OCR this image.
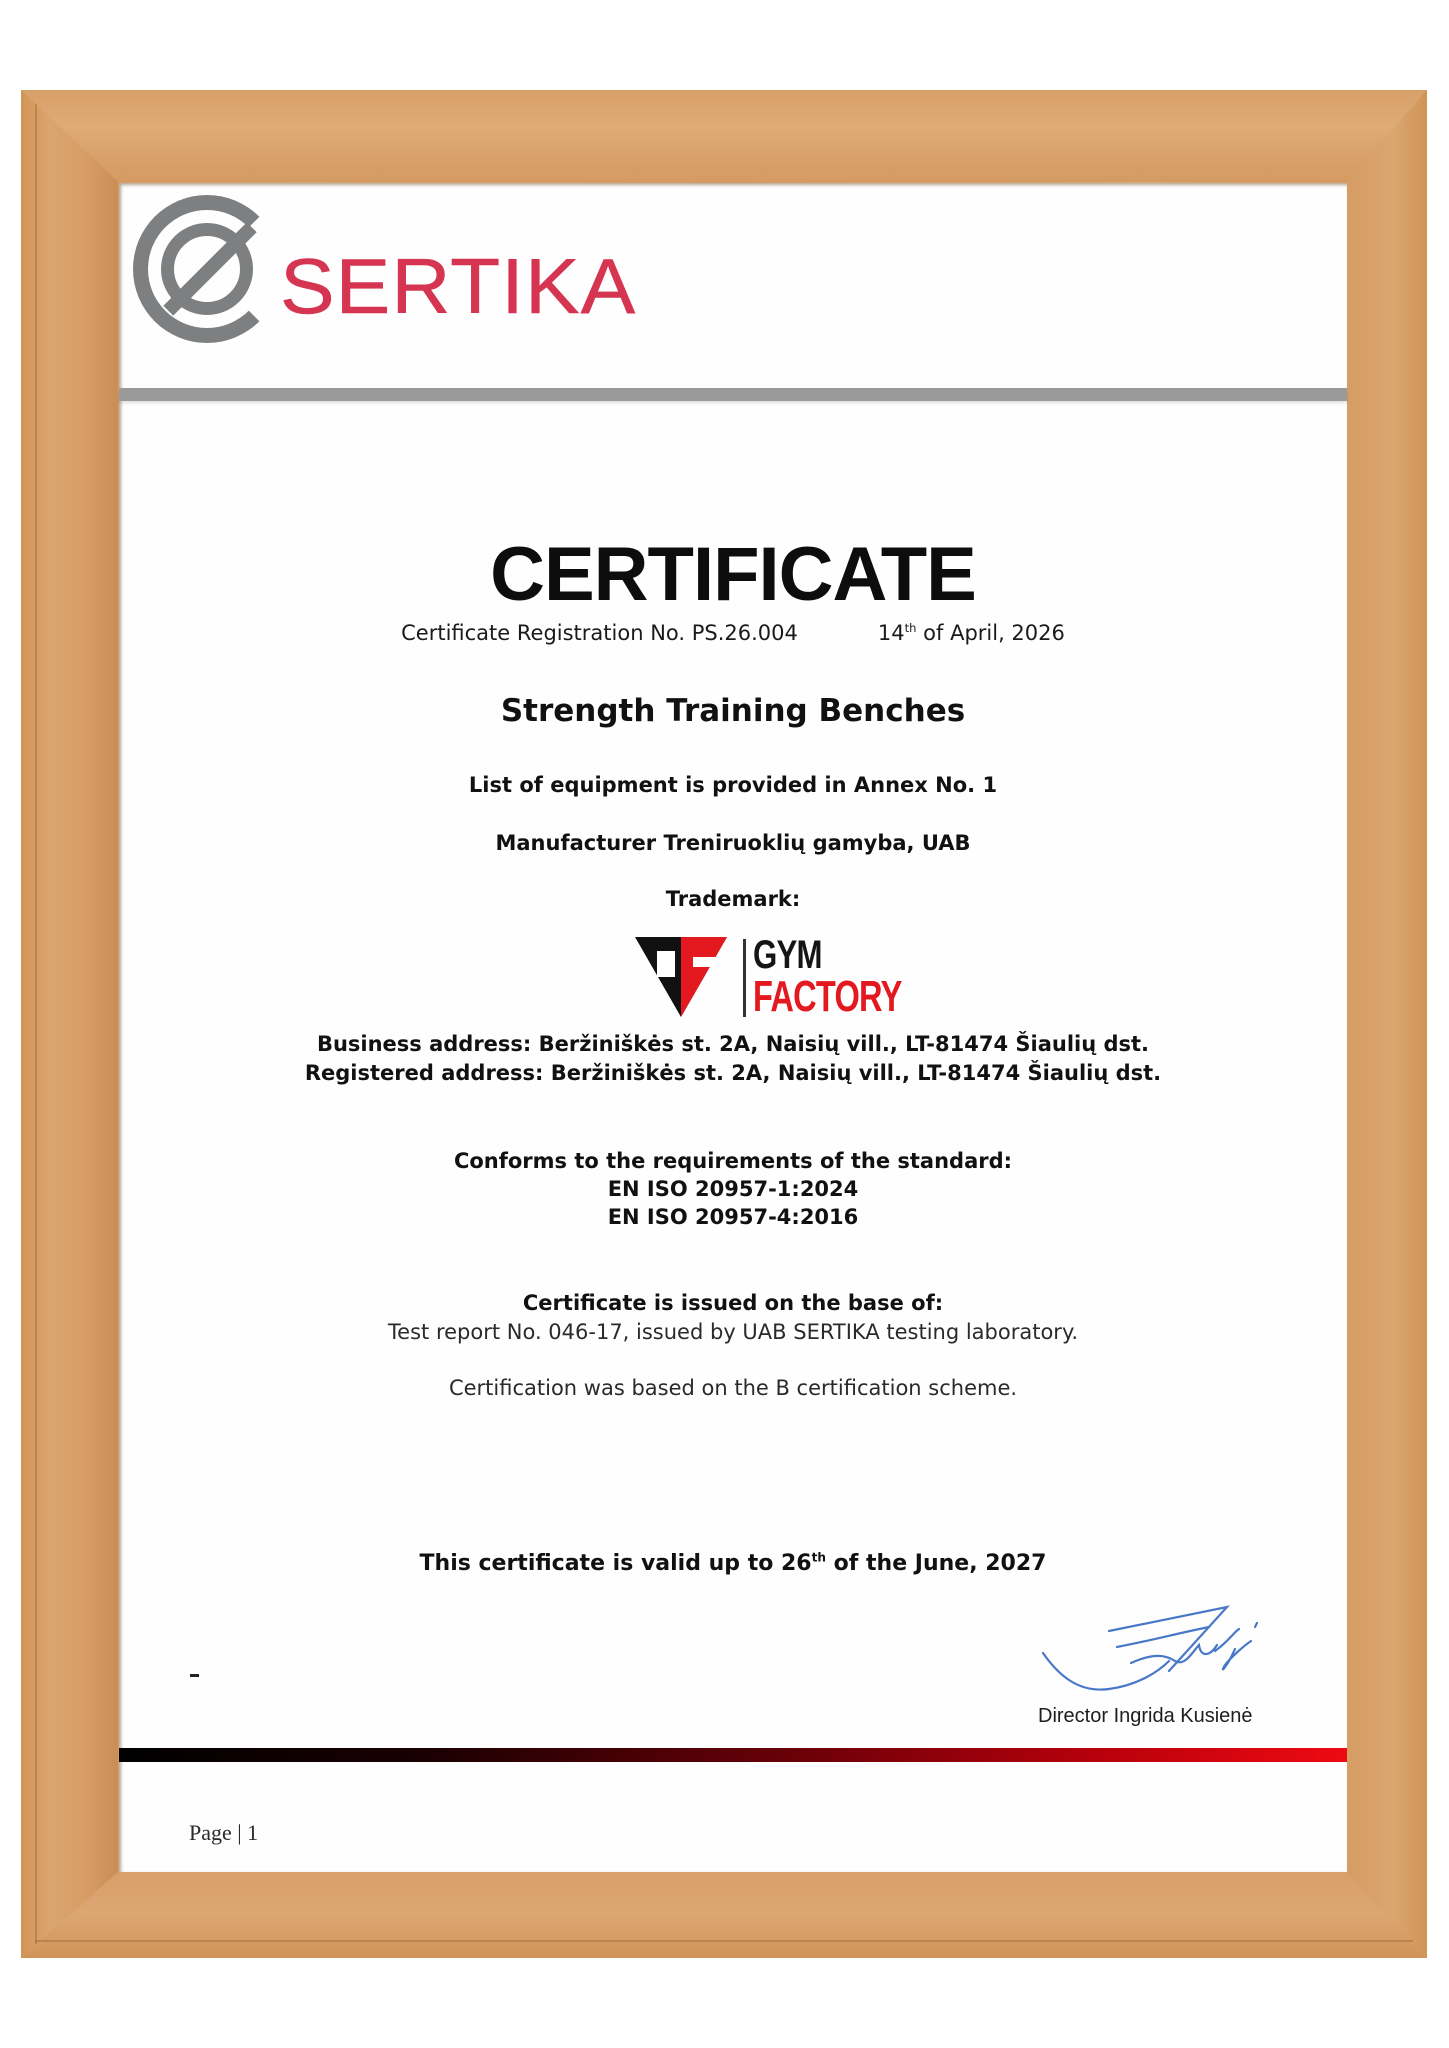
SERTIKA
CERTIFICATE
Certificate Registration No. PS.26.004	14th of April, 2026
Strength Training Benches
List of equipment is provided in Annex No. 1
Manufacturer Treniruoklių gamyba, UAB
Trademark:
GYM
FACTORY
Business address: Beržiniškės st. 2A, Naisių vill., LT-81474 Šiaulių dst.
Registered address: Beržiniškės st. 2A, Naisių vill., LT-81474 Šiaulių dst.
Conforms to the requirements of the standard:
EN ISO 20957-1:2024
EN ISO 20957-4:2016
Certificate is issued on the base of:
Test report No. 046-17, issued by UAB SERTIKA testing laboratory.
Certification was based on the B certification scheme.
This certificate is valid up to 26th of the June, 2027
Director Ingrida Kusienė
Page | 1
